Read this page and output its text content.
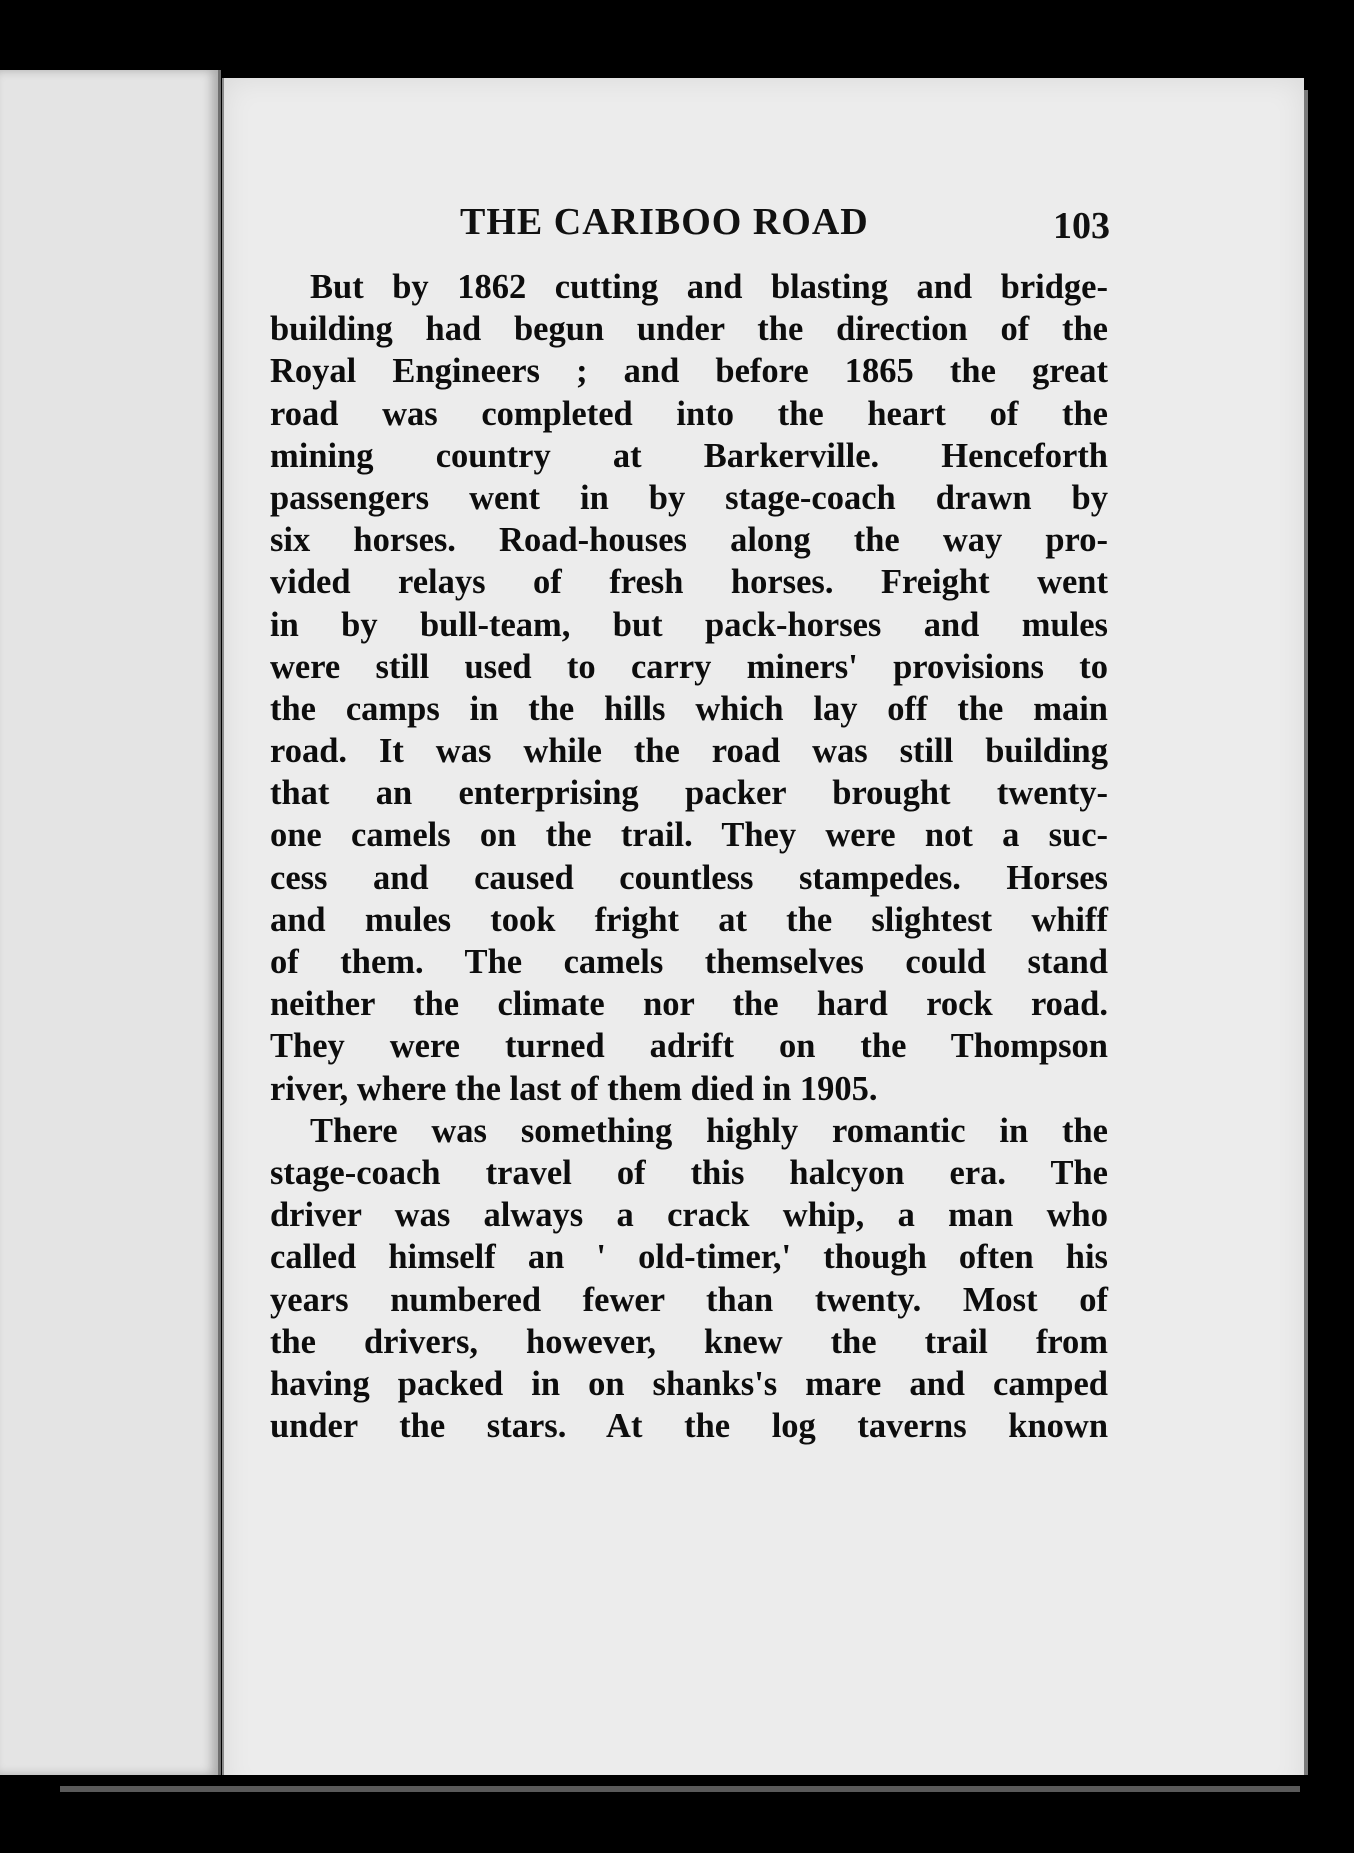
THE CARIBOO ROAD	103
But by 1862 cutting and blasting and bridge-
building had begun under the direction of the
Royal Engineers ; and before 1865 the great
road was completed into the heart of the
mining country at Barkerville. Henceforth
passengers went in by stage-coach drawn by
six horses. Road-houses along the way pro-
vided relays of fresh horses. Freight went
in by bull-team, but pack-horses and mules
were still used to carry miners' provisions to
the camps in the hills which lay off the main
road. It was while the road was still building
that an enterprising packer brought twenty-
one camels on the trail. They were not a suc-
cess and caused countless stampedes. Horses
and mules took fright at the slightest whiff
of them. The camels themselves could stand
neither the climate nor the hard rock road.
They were turned adrift on the Thompson
river, where the last of them died in 1905.
There was something highly romantic in the
stage-coach travel of this halcyon era. The
driver was always a crack whip, a man who
called himself an ' old-timer,' though often his
years numbered fewer than twenty. Most of
the drivers, however, knew the trail from
having packed in on shanks's mare and camped
under the stars. At the log taverns known
